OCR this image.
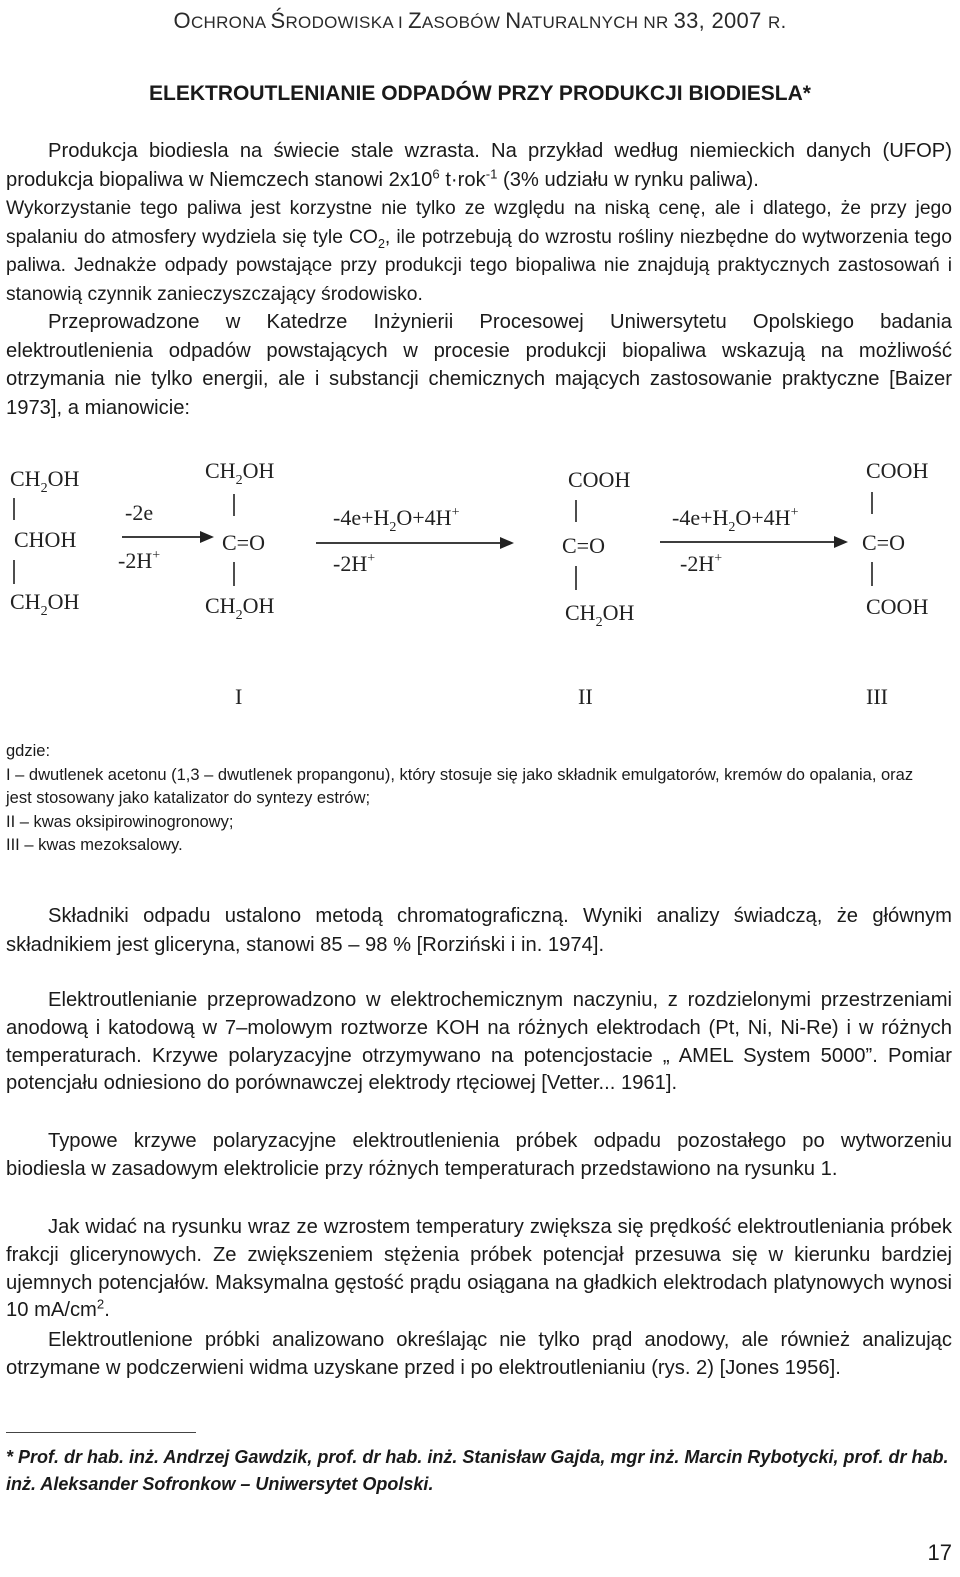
OCHRONA ŚRODOWISKA I ZASOBÓW NATURALNYCH NR 33, 2007 R.
ELEKTROUTLENIANIE ODPADÓW PRZY PRODUKCJI BIODIESLA*

Produkcja biodiesla na świecie stale wzrasta. Na przykład według niemieckich danych (UFOP) produkcja biopaliwa w Niemczech stanowi $2x10^6$ t·rok$^{-1}$ (3% udziału w rynku paliwa).

Wykorzystanie tego paliwa jest korzystne nie tylko ze względu na niską cenę, ale i dlatego, że przy jego spalaniu do atmosfery wydziela się tyle $CO_2$, ile potrzebują do wzrostu rośliny niezbędne do wytworzenia tego paliwa. Jednakże odpady powstające przy produkcji tego biopaliwa nie znajdują praktycznych zastosowań i stanowią czynnik zanieczyszczający środowisko.

Przeprowadzone w Katedrze Inżynierii Procesowej Uniwersytetu Opolskiego badania elektroutlenienia odpadów powstających w procesie produkcji biopaliwa wskazują na możliwość otrzymania nie tylko energii, ale i substancji chemicznych mających zastosowanie praktyczne [Baizer 1973], a mianowicie:

$CH_2OH$
CHOH
$CH_2OH$
-2e
-2H+
$CH_2OH$
C=O
$CH_2OH$
$-4e+H_2O+4H^+$
-2H+
COOH
C=O
$CH_2OH$
$-4e+H_2O+4H^+$
-2H+
COOH
C=O
COOH
I	II	III
gdzie:
I – dwutlenek acetonu (1,3 – dwutlenek propangonu), który stosuje się jako składnik emulgatorów, kremów do opalania, oraz jest stosowany jako katalizator do syntezy estrów;
II – kwas oksipirowinogronowy;
III – kwas mezoksalowy.

Składniki odpadu ustalono metodą chromatograficzną. Wyniki analizy świadczą, że głównym składnikiem jest gliceryna, stanowi 85 – 98 % [Rorziński i in. 1974].

Elektroutlenianie przeprowadzono w elektrochemicznym naczyniu, z rozdzielonymi przestrzeniami anodową i katodową w 7–molowym roztworze KOH na różnych elektrodach (Pt, Ni, Ni-Re) i w różnych temperaturach. Krzywe polaryzacyjne otrzymywano na potencjostacie „ AMEL System 5000”. Pomiar potencjału odniesiono do porównawczej elektrody rtęciowej [Vetter... 1961].

Typowe krzywe polaryzacyjne elektroutlenienia próbek odpadu pozostałego po wytworzeniu biodiesla w zasadowym elektrolicie przy różnych temperaturach przedstawiono na rysunku 1.

Jak widać na rysunku wraz ze wzrostem temperatury zwiększa się prędkość elektroutleniania próbek frakcji glicerynowych. Ze zwiększeniem stężenia próbek potencjał przesuwa się w kierunku bardziej ujemnych potencjałów. Maksymalna gęstość prądu osiągana na gładkich elektrodach platynowych wynosi 10 $mA/cm^2$.

Elektroutlenione próbki analizowano określając nie tylko prąd anodowy, ale również analizując otrzymane w podczerwieni widma uzyskane przed i po elektroutlenianiu (rys. 2) [Jones 1956].

* Prof. dr hab. inż. Andrzej Gawdzik, prof. dr hab. inż. Stanisław Gajda, mgr inż. Marcin Rybotycki, prof. dr hab. inż. Aleksander Sofronkow – Uniwersytet Opolski.

17
